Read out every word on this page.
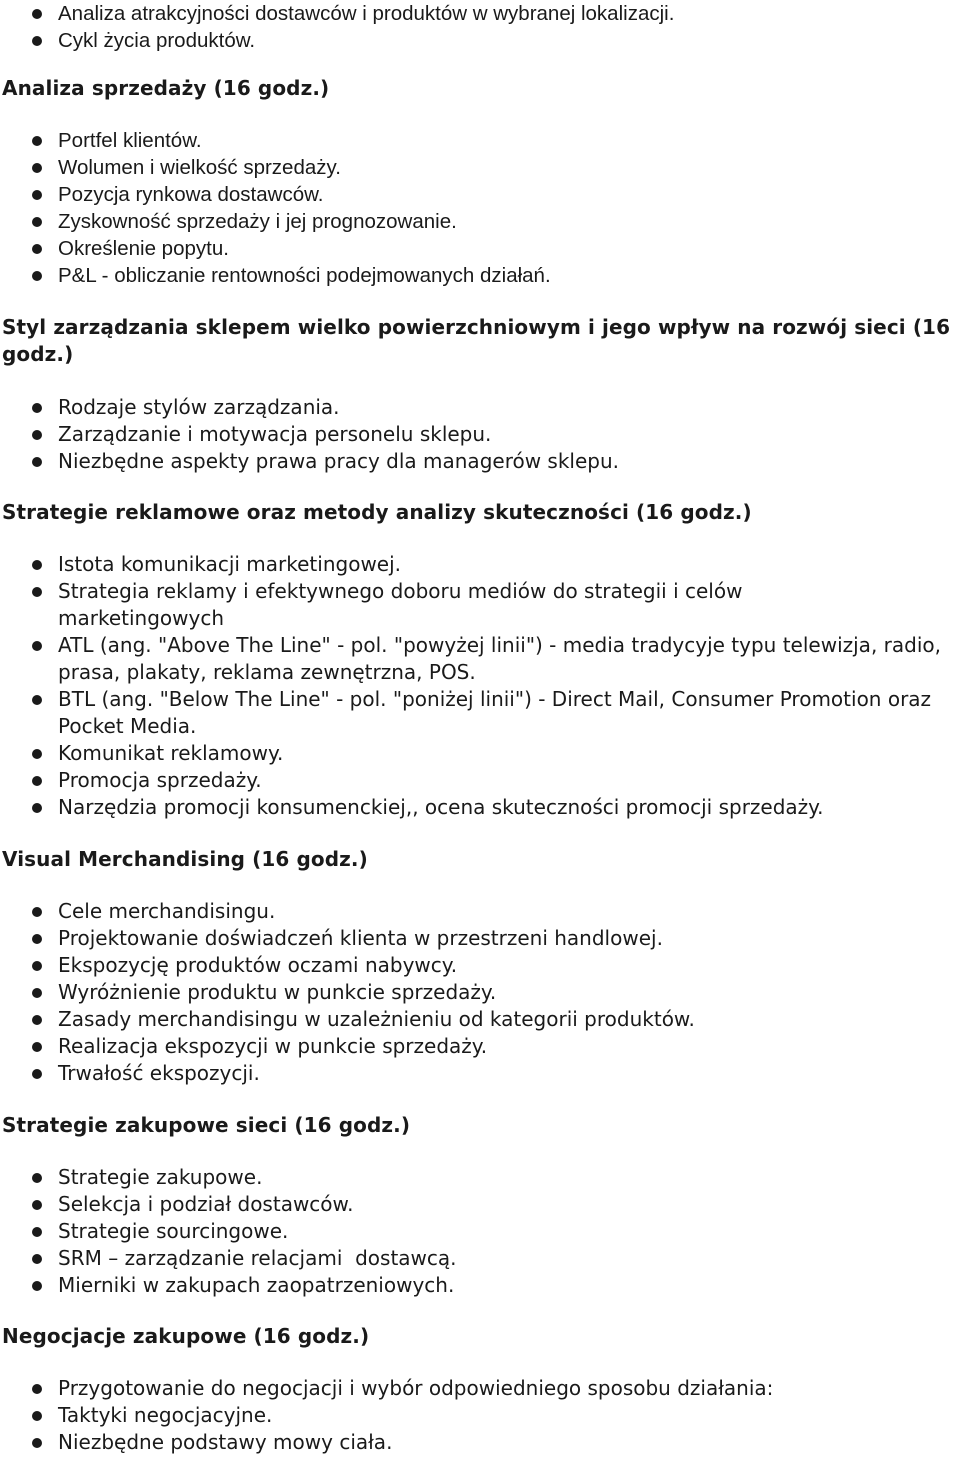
Analiza atrakcyjności dostawców i produktów w wybranej lokalizacji.
Cykl życia produktów.
Analiza sprzedaży (16 godz.)
Portfel klientów.
Wolumen i wielkość sprzedaży.
Pozycja rynkowa dostawców.
Zyskowność sprzedaży i jej prognozowanie.
Określenie popytu.
P&L - obliczanie rentowności podejmowanych działań.
Styl zarządzania sklepem wielko powierzchniowym i jego wpływ na rozwój sieci (16 godz.)
Rodzaje stylów zarządzania.
Zarządzanie i motywacja personelu sklepu.
Niezbędne aspekty prawa pracy dla managerów sklepu.
Strategie reklamowe oraz metody analizy skuteczności (16 godz.)
Istota komunikacji marketingowej.
Strategia reklamy i efektywnego doboru mediów do strategii i celów marketingowych
ATL (ang. "Above The Line" - pol. "powyżej linii") - media tradycyje typu telewizja, radio, prasa, plakaty, reklama zewnętrzna, POS.
BTL (ang. "Below The Line" - pol. "poniżej linii") - Direct Mail, Consumer Promotion oraz Pocket Media.
Komunikat reklamowy.
Promocja sprzedaży.
Narzędzia promocji konsumenckiej,, ocena skuteczności promocji sprzedaży.
Visual Merchandising (16 godz.)
Cele merchandisingu.
Projektowanie doświadczeń klienta w przestrzeni handlowej.
Ekspozycję produktów oczami nabywcy.
Wyróżnienie produktu w punkcie sprzedaży.
Zasady merchandisingu w uzależnieniu od kategorii produktów.
Realizacja ekspozycji w punkcie sprzedaży.
Trwałość ekspozycji.
Strategie zakupowe sieci (16 godz.)
Strategie zakupowe.
Selekcja i podział dostawców.
Strategie sourcingowe.
SRM – zarządzanie relacjami  dostawcą.
Mierniki w zakupach zaopatrzeniowych.
Negocjacje zakupowe (16 godz.)
Przygotowanie do negocjacji i wybór odpowiedniego sposobu działania:
Taktyki negocjacyjne.
Niezbędne podstawy mowy ciała.
